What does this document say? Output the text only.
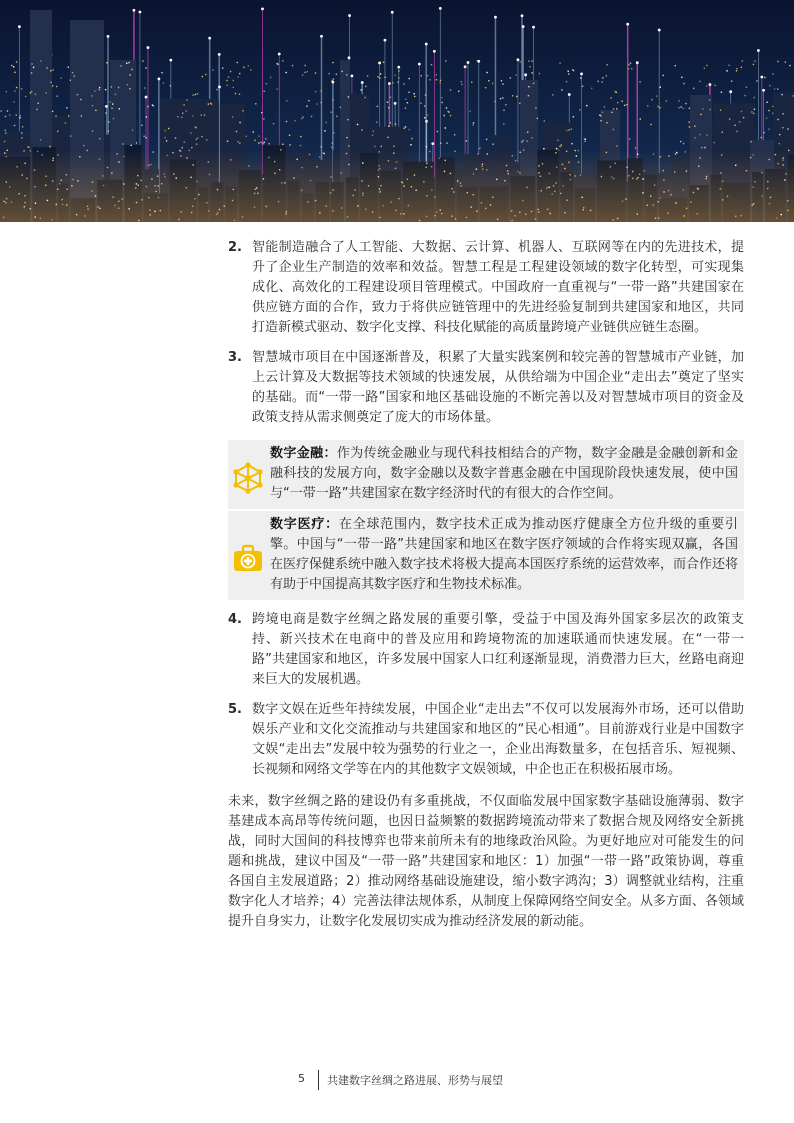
2. 智能制造融合了人工智能、大数据、云计算、机器人、互联网等在内的先进技术，提升了企业生产制造的效率和效益。智慧工程是工程建设领域的数字化转型，可实现集成化、高效化的工程建设项目管理模式。中国政府一直重视与“一带一路”共建国家在供应链方面的合作，致力于将供应链管理中的先进经验复制到共建国家和地区，共同打造新模式驱动、数字化支撑、科技化赋能的高质量跨境产业链供应链生态圈。
3. 智慧城市项目在中国逐渐普及，积累了大量实践案例和较完善的智慧城市产业链，加上云计算及大数据等技术领域的快速发展，从供给端为中国企业“走出去”奠定了坚实的基础。而“一带一路”国家和地区基础设施的不断完善以及对智慧城市项目的资金及政策支持从需求侧奠定了庞大的市场体量。
数字金融：作为传统金融业与现代科技相结合的产物，数字金融是金融创新和金融科技的发展方向，数字金融以及数字普惠金融在中国现阶段快速发展，使中国与“一带一路”共建国家在数字经济时代的有很大的合作空间。
数字医疗：在全球范围内，数字技术正成为推动医疗健康全方位升级的重要引擎。中国与“一带一路”共建国家和地区在数字医疗领域的合作将实现双赢，各国在医疗保健系统中融入数字技术将极大提高本国医疗系统的运营效率，而合作还将有助于中国提高其数字医疗和生物技术标准。
4. 跨境电商是数字丝绸之路发展的重要引擎，受益于中国及海外国家多层次的政策支持、新兴技术在电商中的普及应用和跨境物流的加速联通而快速发展。在“一带一路”共建国家和地区，许多发展中国家人口红利逐渐显现，消费潜力巨大，丝路电商迎来巨大的发展机遇。
5. 数字文娱在近些年持续发展，中国企业“走出去”不仅可以发展海外市场，还可以借助娱乐产业和文化交流推动与共建国家和地区的“民心相通”。目前游戏行业是中国数字文娱“走出去”发展中较为强势的行业之一，企业出海数量多，在包括音乐、短视频、长视频和网络文学等在内的其他数字文娱领域，中企也正在积极拓展市场。

未来，数字丝绸之路的建设仍有多重挑战，不仅面临发展中国家数字基础设施薄弱、数字基建成本高昂等传统问题，也因日益频繁的数据跨境流动带来了数据合规及网络安全新挑战，同时大国间的科技博弈也带来前所未有的地缘政治风险。为更好地应对可能发生的问题和挑战，建议中国及“一带一路”共建国家和地区：1）加强“一带一路”政策协调，尊重各国自主发展道路；2）推动网络基础设施建设，缩小数字鸿沟；3）调整就业结构，注重数字化人才培养；4）完善法律法规体系，从制度上保障网络空间安全。从多方面、各领域提升自身实力，让数字化发展切实成为推动经济发展的新动能。

5 共建数字丝绸之路进展、形势与展望
